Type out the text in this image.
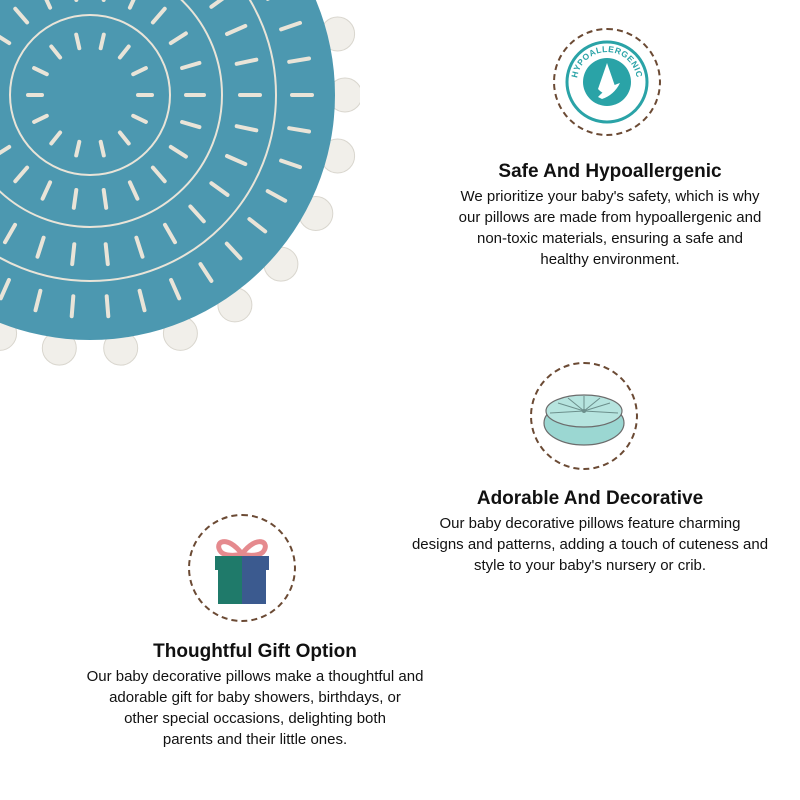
HYPOALLERGENIC
Safe And Hypoallergenic

We prioritize your baby's safety, which is why
our pillows are made from hypoallergenic and
non-toxic materials, ensuring a safe and
healthy environment.

Adorable And Decorative

Our baby decorative pillows feature charming
designs and patterns, adding a touch of cuteness and
style to your baby's nursery or crib.

Thoughtful Gift Option

Our baby decorative pillows make a thoughtful and
adorable gift for baby showers, birthdays, or
other special occasions, delighting both
parents and their little ones.
